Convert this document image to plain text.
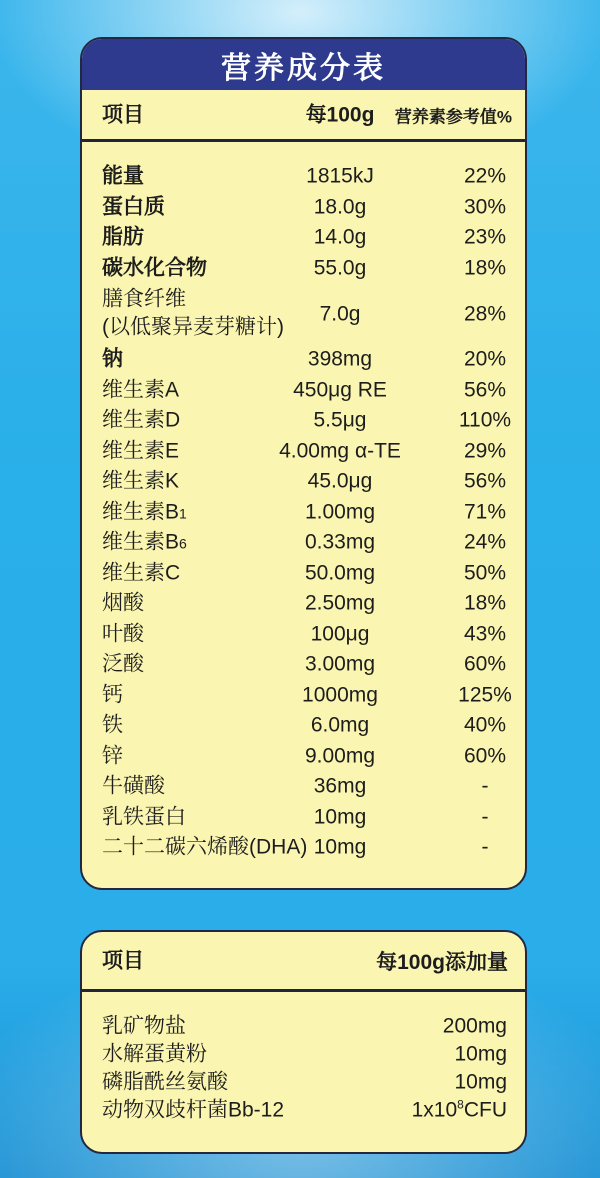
营养成分表
项目	每100g 营养素参考值%
能量	1815kJ	22%
蛋白质	18.0g	30%
脂肪	14.0g	23%
碳水化合物	55.0g	18%
膳食纤维
(以低聚异麦芽糖计)
7.0g	28%
钠	398mg	20%
维生素A	450μg RE	56%
维生素D	5.5μg	110%
维生素E	4.00mg α-TE	29%
维生素K	45.0μg	56%
维生素B1	1.00mg	71%
维生素B6	0.33mg	24%
维生素C	50.0mg	50%
烟酸	2.50mg	18%
叶酸	100μg	43%
泛酸	3.00mg	60%
钙	1000mg	125%
铁	6.0mg	40%
锌	9.00mg	60%
牛磺酸	36mg	-
乳铁蛋白	10mg	-
二十二碳六烯酸(DHA) 10mg	-
项目	每100g添加量
乳矿物盐	200mg
水解蛋黄粉	10mg
磷脂酰丝氨酸	10mg
动物双歧杆菌Bb-12	$1x10^8CFU$
